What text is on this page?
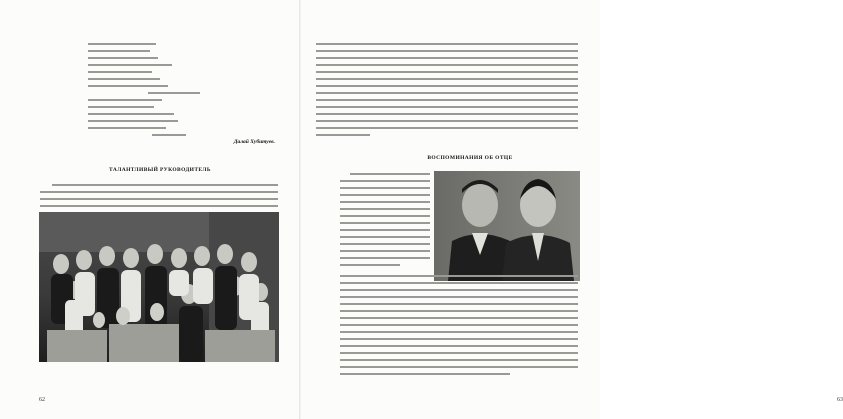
Далай Хубитуев.
ТАЛАНТЛИВЫЙ РУКОВОДИТЕЛЬ
62
ВОСПОМИНАНИЯ ОБ ОТЦЕ
63
